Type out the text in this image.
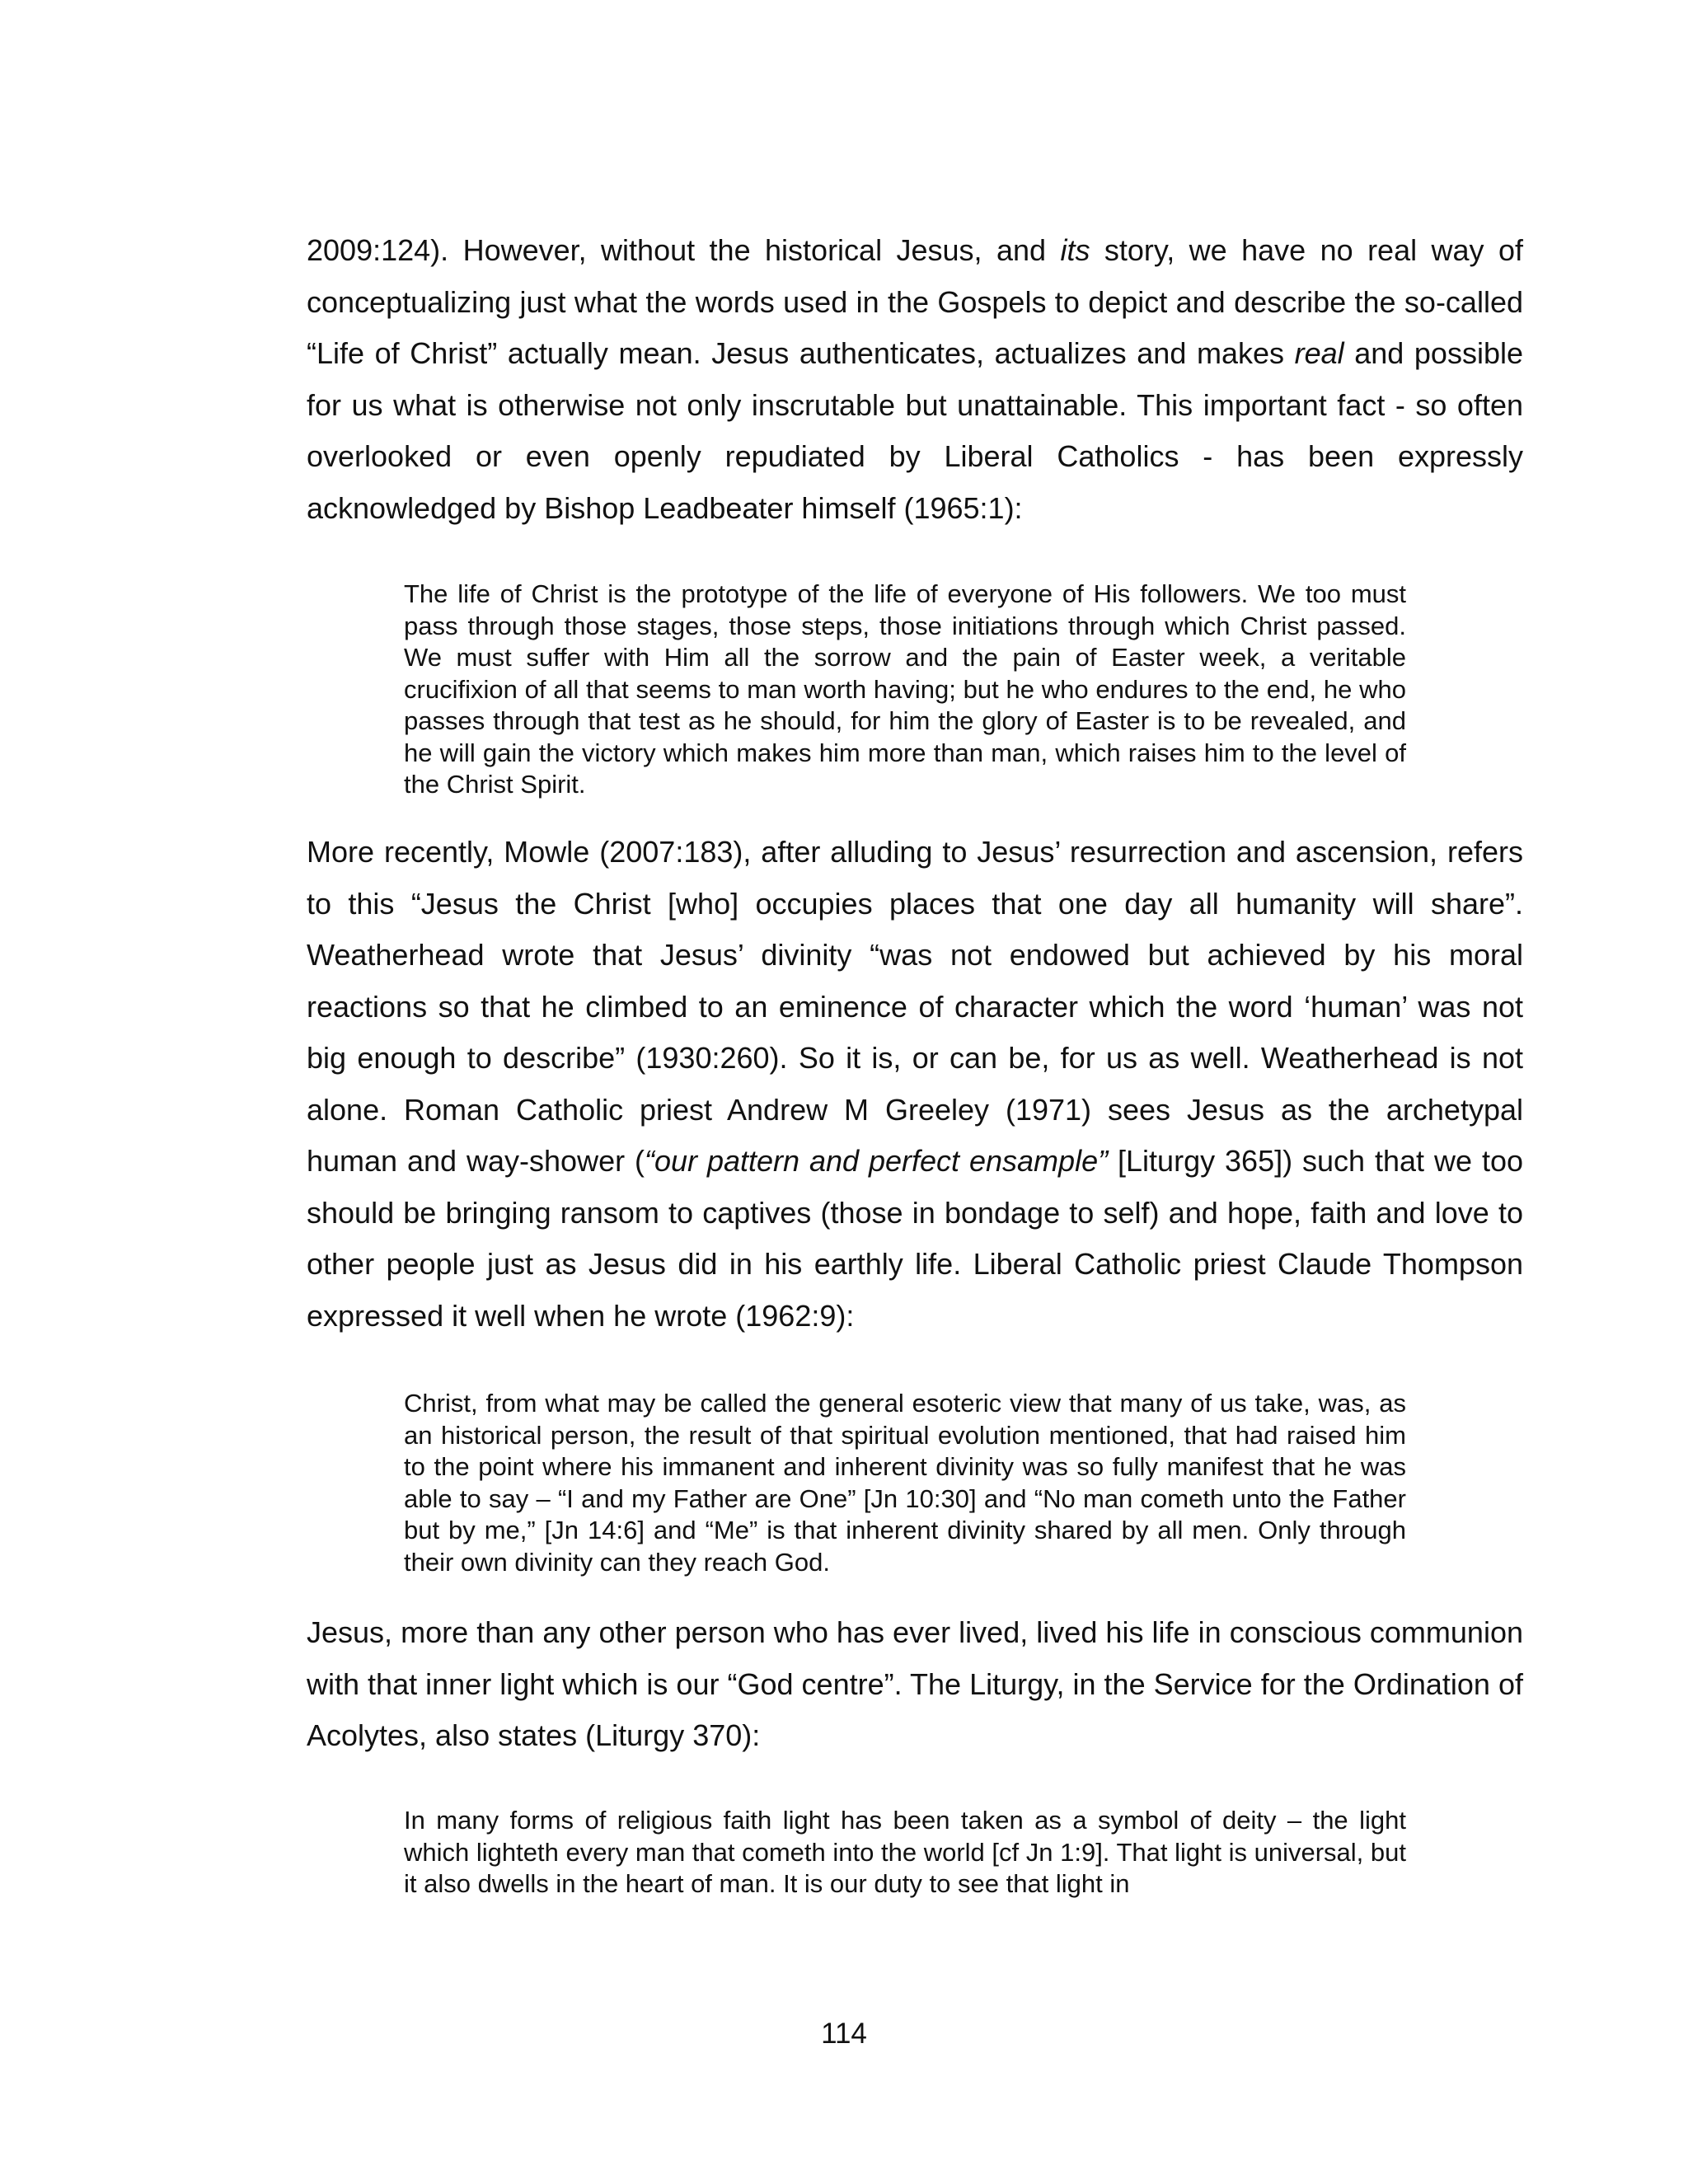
2009:124). However, without the historical Jesus, and its story, we have no real way of conceptualizing just what the words used in the Gospels to depict and describe the so-called “Life of Christ” actually mean. Jesus authenticates, actualizes and makes real and possible for us what is otherwise not only inscrutable but unattainable. This important fact - so often overlooked or even openly repudiated by Liberal Catholics - has been expressly acknowledged by Bishop Leadbeater himself (1965:1):

The life of Christ is the prototype of the life of everyone of His followers. We too must pass through those stages, those steps, those initiations through which Christ passed. We must suffer with Him all the sorrow and the pain of Easter week, a veritable crucifixion of all that seems to man worth having; but he who endures to the end, he who passes through that test as he should, for him the glory of Easter is to be revealed, and he will gain the victory which makes him more than man, which raises him to the level of the Christ Spirit.

More recently, Mowle (2007:183), after alluding to Jesus’ resurrection and ascension, refers to this “Jesus the Christ [who] occupies places that one day all humanity will share”. Weatherhead wrote that Jesus’ divinity “was not endowed but achieved by his moral reactions so that he climbed to an eminence of character which the word ‘human’ was not big enough to describe” (1930:260). So it is, or can be, for us as well. Weatherhead is not alone. Roman Catholic priest Andrew M Greeley (1971) sees Jesus as the archetypal human and way-shower (“our pattern and perfect ensample” [Liturgy 365]) such that we too should be bringing ransom to captives (those in bondage to self) and hope, faith and love to other people just as Jesus did in his earthly life. Liberal Catholic priest Claude Thompson expressed it well when he wrote (1962:9):

Christ, from what may be called the general esoteric view that many of us take, was, as an historical person, the result of that spiritual evolution mentioned, that had raised him to the point where his immanent and inherent divinity was so fully manifest that he was able to say – “I and my Father are One” [Jn 10:30] and “No man cometh unto the Father but by me,” [Jn 14:6] and “Me” is that inherent divinity shared by all men. Only through their own divinity can they reach God.

Jesus, more than any other person who has ever lived, lived his life in conscious communion with that inner light which is our “God centre”. The Liturgy, in the Service for the Ordination of Acolytes, also states (Liturgy 370):

In many forms of religious faith light has been taken as a symbol of deity – the light which lighteth every man that cometh into the world [cf Jn 1:9]. That light is universal, but it also dwells in the heart of man. It is our duty to see that light in

114
